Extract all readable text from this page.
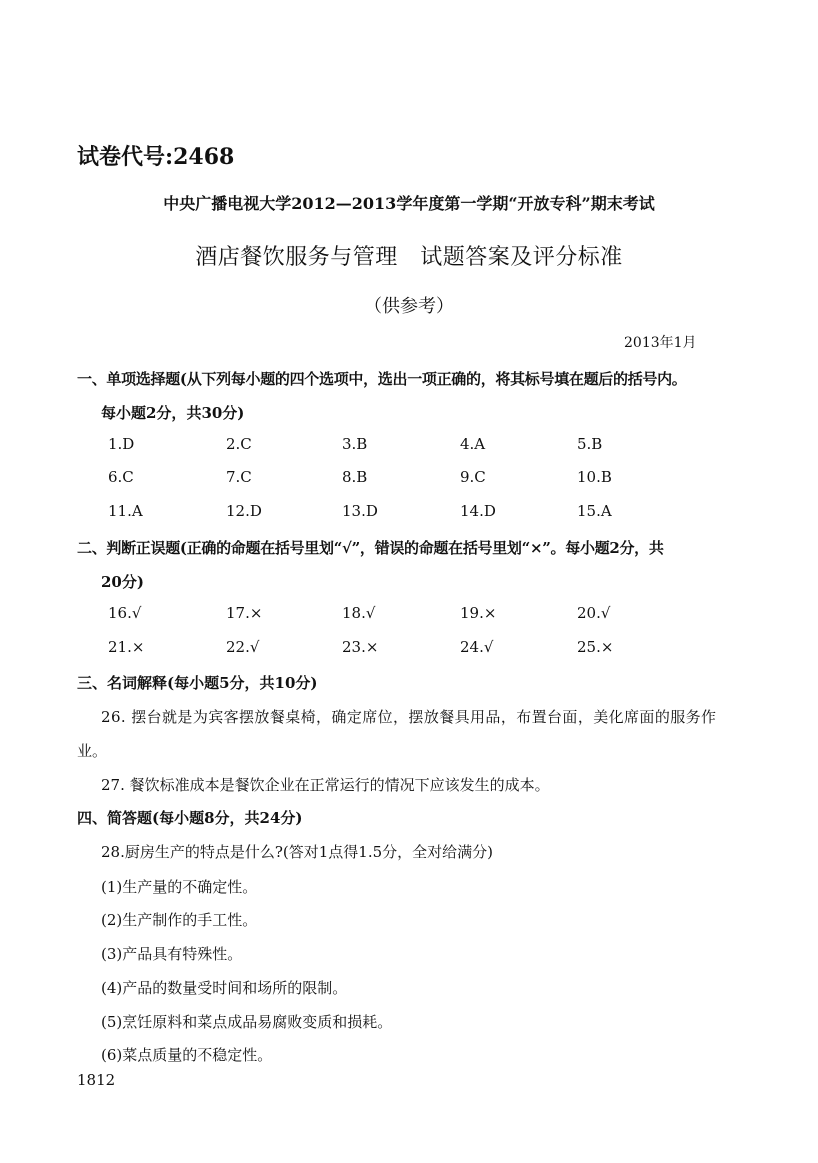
试卷代号:2468
中央广播电视大学2012—2013学年度第一学期“开放专科”期末考试
酒店餐饮服务与管理　试题答案及评分标准
（供参考）
2013年1月
一、单项选择题(从下列每小题的四个选项中，选出一项正确的，将其标号填在题后的括号内。
每小题2分，共30分)
1.D	2.C	3.B	4.A	5.B
6.C	7.C	8.B	9.C	10.B
11.A	12.D	13.D	14.D	15.A
二、判断正误题(正确的命题在括号里划“√”，错误的命题在括号里划“×”。每小题2分，共
20分)
16.√	17.×	18.√	19.×	20.√
21.×	22.√	23.×	24.√	25.×
三、名词解释(每小题5分，共10分)
26. 摆台就是为宾客摆放餐桌椅，确定席位，摆放餐具用品，布置台面，美化席面的服务作
业。
27. 餐饮标准成本是餐饮企业在正常运行的情况下应该发生的成本。
四、简答题(每小题8分，共24分)
28.厨房生产的特点是什么?(答对1点得1.5分，全对给满分)
(1)生产量的不确定性。
(2)生产制作的手工性。
(3)产品具有特殊性。
(4)产品的数量受时间和场所的限制。
(5)烹饪原料和菜点成品易腐败变质和损耗。
(6)菜点质量的不稳定性。
1812
